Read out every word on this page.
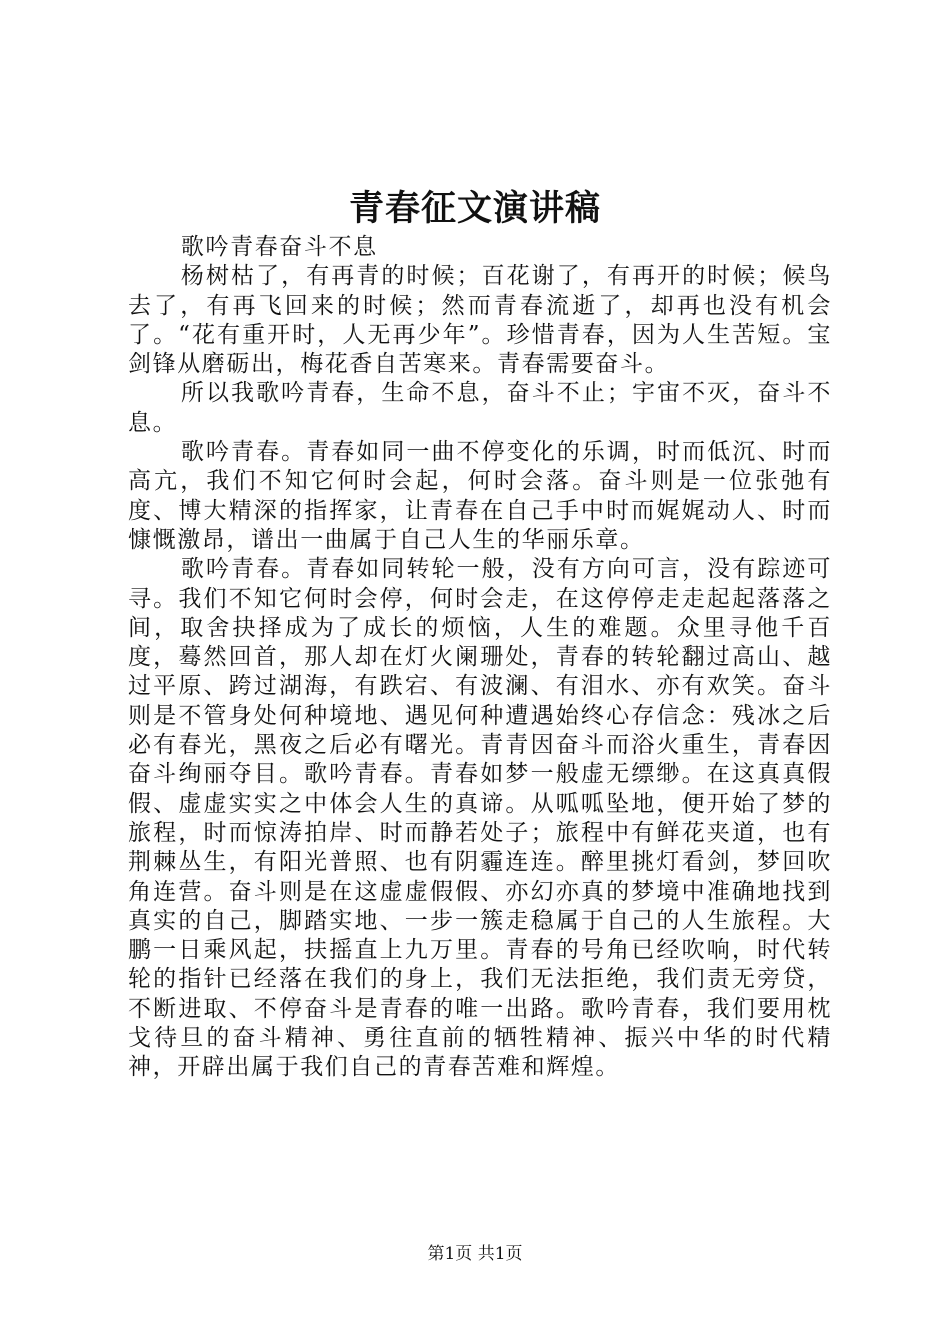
青春征文演讲稿

歌吟青春奋斗不息

杨树枯了，有再青的时候；百花谢了，有再开的时候；候鸟去了，有再飞回来的时候；然而青春流逝了，却再也没有机会了。“花有重开时，人无再少年”。珍惜青春，因为人生苦短。宝剑锋从磨砺出，梅花香自苦寒来。青春需要奋斗。

所以我歌吟青春，生命不息，奋斗不止；宇宙不灭，奋斗不息。

歌吟青春。青春如同一曲不停变化的乐调，时而低沉、时而高亢，我们不知它何时会起，何时会落。奋斗则是一位张弛有度、博大精深的指挥家，让青春在自己手中时而娓娓动人、时而慷慨激昂，谱出一曲属于自己人生的华丽乐章。

歌吟青春。青春如同转轮一般，没有方向可言，没有踪迹可寻。我们不知它何时会停，何时会走，在这停停走走起起落落之间，取舍抉择成为了成长的烦恼，人生的难题。众里寻他千百度，蓦然回首，那人却在灯火阑珊处，青春的转轮翻过高山、越过平原、跨过湖海，有跌宕、有波澜、有泪水、亦有欢笑。奋斗则是不管身处何种境地、遇见何种遭遇始终心存信念：残冰之后必有春光，黑夜之后必有曙光。青青因奋斗而浴火重生，青春因奋斗绚丽夺目。歌吟青春。青春如梦一般虚无缥缈。在这真真假假、虚虚实实之中体会人生的真谛。从呱呱坠地，便开始了梦的旅程，时而惊涛拍岸、时而静若处子；旅程中有鲜花夹道，也有荆棘丛生，有阳光普照、也有阴霾连连。醉里挑灯看剑，梦回吹角连营。奋斗则是在这虚虚假假、亦幻亦真的梦境中准确地找到真实的自己，脚踏实地、一步一簇走稳属于自己的人生旅程。大鹏一日乘风起，扶摇直上九万里。青春的号角已经吹响，时代转轮的指针已经落在我们的身上，我们无法拒绝，我们责无旁贷，不断进取、不停奋斗是青春的唯一出路。歌吟青春，我们要用枕戈待旦的奋斗精神、勇往直前的牺牲精神、振兴中华的时代精神，开辟出属于我们自己的青春苦难和辉煌。

第1页 共1页
